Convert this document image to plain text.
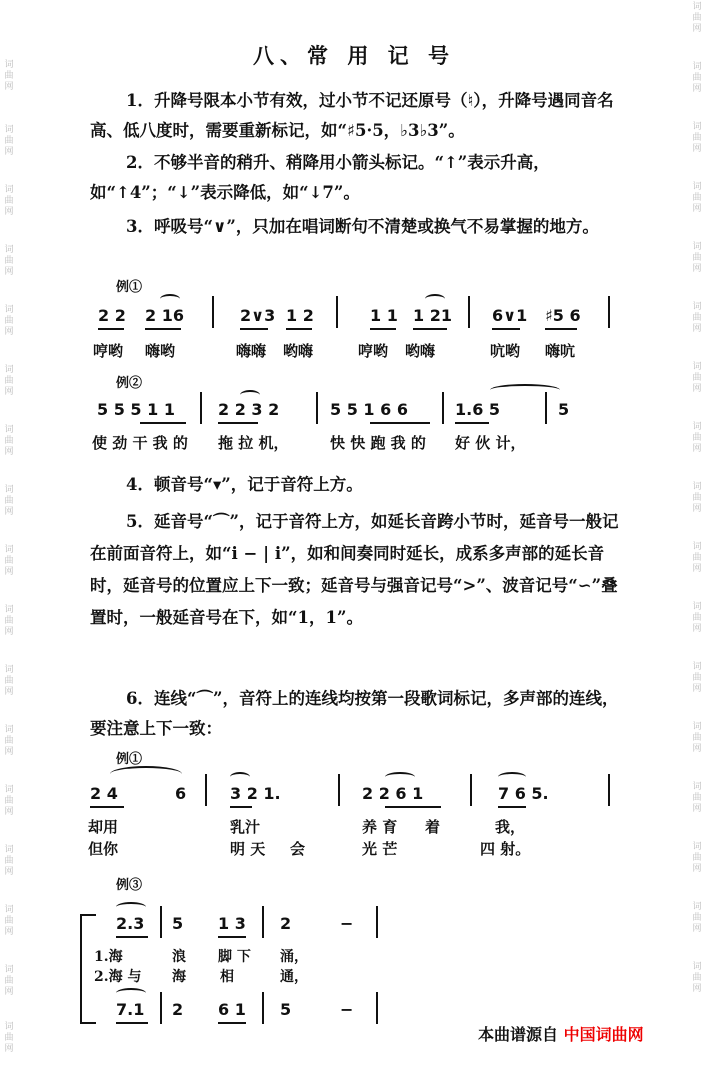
词
曲
网
词
曲
网
词
曲
网
词
曲
网
词
曲
网
词
曲
网
词
曲
网
词
曲
网
词
曲
网
词
曲
网
词
曲
网
词
曲
网
词
曲
网
词
曲
网
词
曲
网
词
曲
网
词
曲
网
词
曲
网
词
曲
网
词
曲
网
词
曲
网
词
曲
网
词
曲
网
词
曲
网
词
曲
网
词
曲
网
词
曲
网
词
曲
网
词
曲
网
词
曲
网
词
曲
网
词
曲
网
词
曲
网
词
曲
网
八、常 用 记 号
1．升降号限本小节有效，过小节不记还原号（♮），升降号遇同音名高、低八度时，需要重新标记，如“♯5·5，♭3♭3”。
2．不够半音的稍升、稍降用小箭头标记。“↑”表示升高，如“↑4”；“↓”表示降低，如“↓7”。
3．呼吸号“∨”，只加在唱词断句不清楚或换气不易掌握的地方。
例①
2 2 2 16	2∨3 1 2	1 1 1 21	6∨1 ♯5 6
哼哟 嗨哟	嗨嗨 哟嗨	哼哟 哟嗨	吭哟 嗨吭
例②
5 5 5 1 1	2 2 3 2	5 5 1 6 6	1.6 5	5
使 劲 干 我 的 拖 拉 机，	快 快 跑 我 的 好 伙 计，
4．顿音号“▾”，记于音符上方。
5．延音号“⌒”，记于音符上方，如延长音跨小节时，延音号一般记在前面音符上，如“i − | i”，如和间奏同时延长，成系多声部的延长音时，延音号的位置应上下一致；延音号与强音记号“>”、波音记号“∽”叠置时，一般延音号在下，如“1，1”。
6．连线“⌒”，音符上的连线均按第一段歌词标记，多声部的连线，要注意上下一致：
例①
2 4	6	3 2 1.	2 2 6 1	7 6 5.
却用	乳汁	养 育 着	我，
但你	明 天 会	光 芒	四 射。
例③
2.3 5 1 3 2	−
1.海	浪 脚 下 涌，
2.海 与 海 相	通，
7.1 2 6 1 5	−
本曲谱源自 中国词曲网
